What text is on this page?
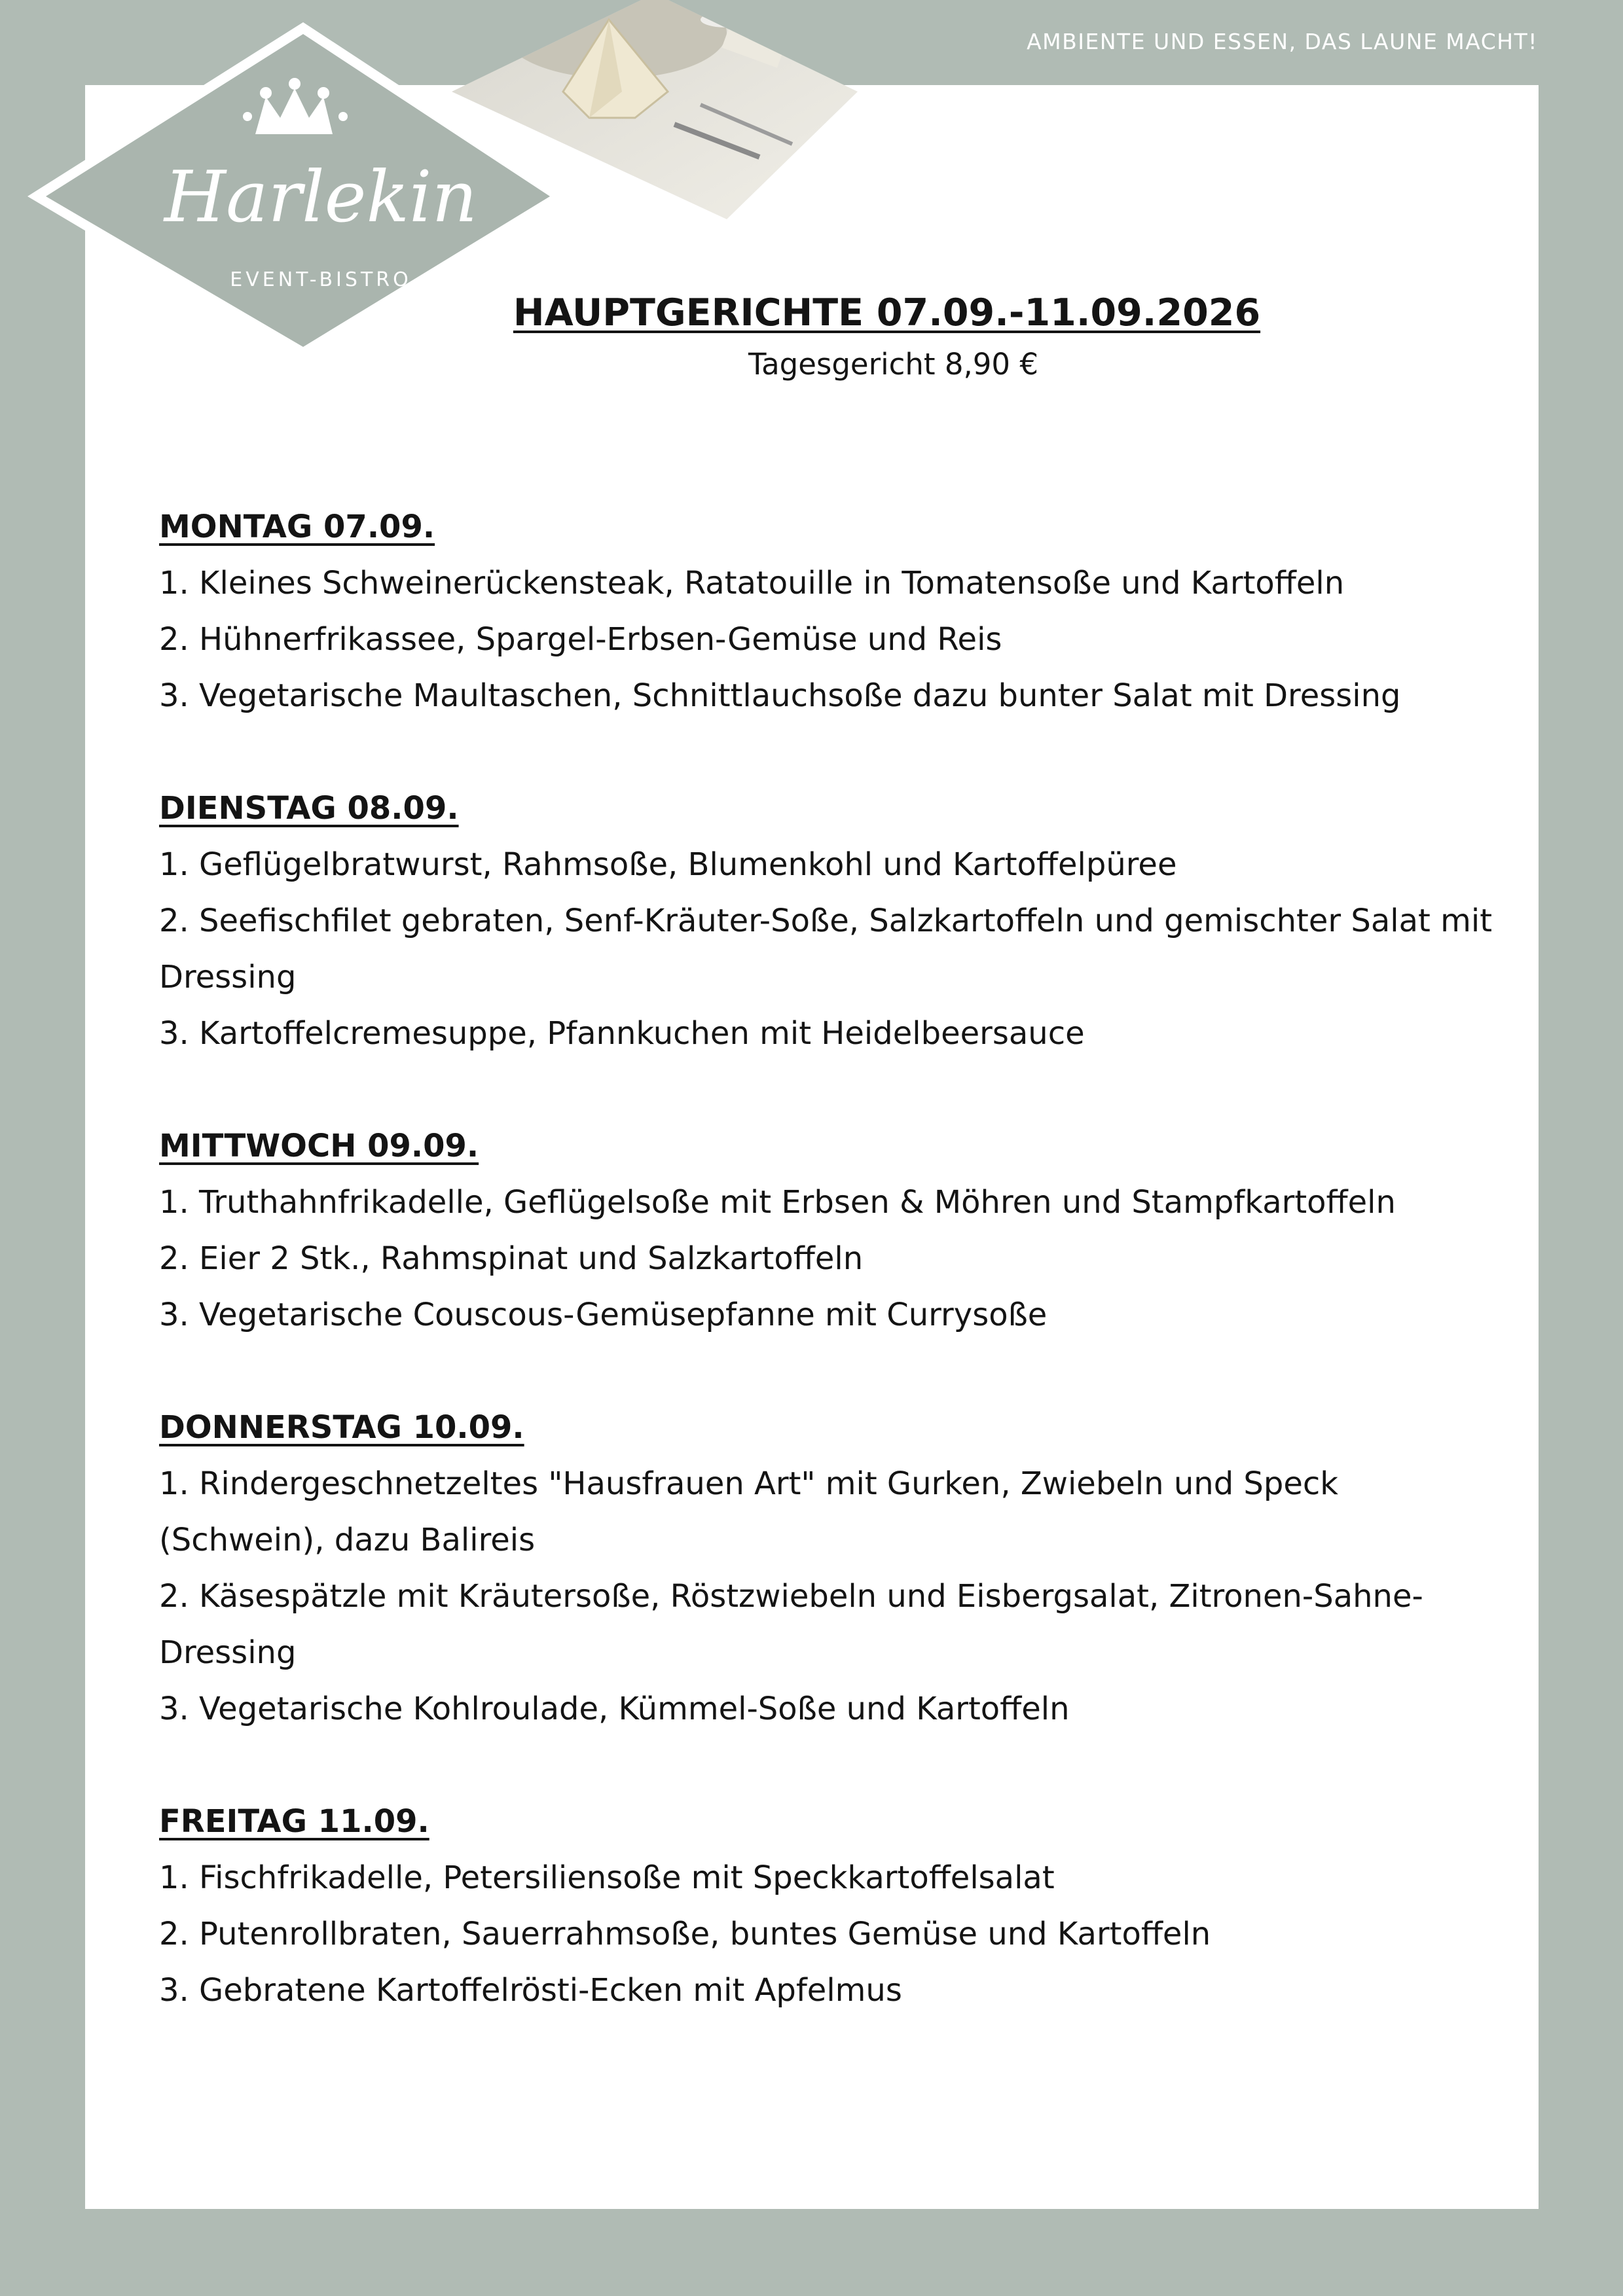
AMBIENTE UND ESSEN, DAS LAUNE MACHT!
Harlekin
EVENT-BISTRO
HAUPTGERICHTE 07.09.-11.09.2026
Tagesgericht 8,90 €
MONTAG 07.09.
1. Kleines Schweinerückensteak, Ratatouille in Tomatensoße und Kartoffeln
2. Hühnerfrikassee, Spargel-Erbsen-Gemüse und Reis
3. Vegetarische Maultaschen, Schnittlauchsoße dazu bunter Salat mit Dressing
DIENSTAG 08.09.
1. Geflügelbratwurst, Rahmsoße, Blumenkohl und Kartoffelpüree
2. Seefischfilet gebraten, Senf-Kräuter-Soße, Salzkartoffeln und gemischter Salat mit Dressing
3. Kartoffelcremesuppe, Pfannkuchen mit Heidelbeersauce
MITTWOCH 09.09.
1. Truthahnfrikadelle, Geflügelsoße mit Erbsen & Möhren und Stampfkartoffeln
2. Eier 2 Stk., Rahmspinat und Salzkartoffeln
3. Vegetarische Couscous-Gemüsepfanne mit Currysoße
DONNERSTAG 10.09.
1. Rindergeschnetzeltes "Hausfrauen Art" mit Gurken, Zwiebeln und Speck (Schwein), dazu Balireis
2. Käsespätzle mit Kräutersoße, Röstzwiebeln und Eisbergsalat, Zitronen-Sahne-Dressing
3. Vegetarische Kohlroulade, Kümmel-Soße und Kartoffeln
FREITAG 11.09.
1. Fischfrikadelle, Petersiliensoße mit Speckkartoffelsalat
2. Putenrollbraten, Sauerrahmsoße, buntes Gemüse und Kartoffeln
3. Gebratene Kartoffelrösti-Ecken mit Apfelmus
